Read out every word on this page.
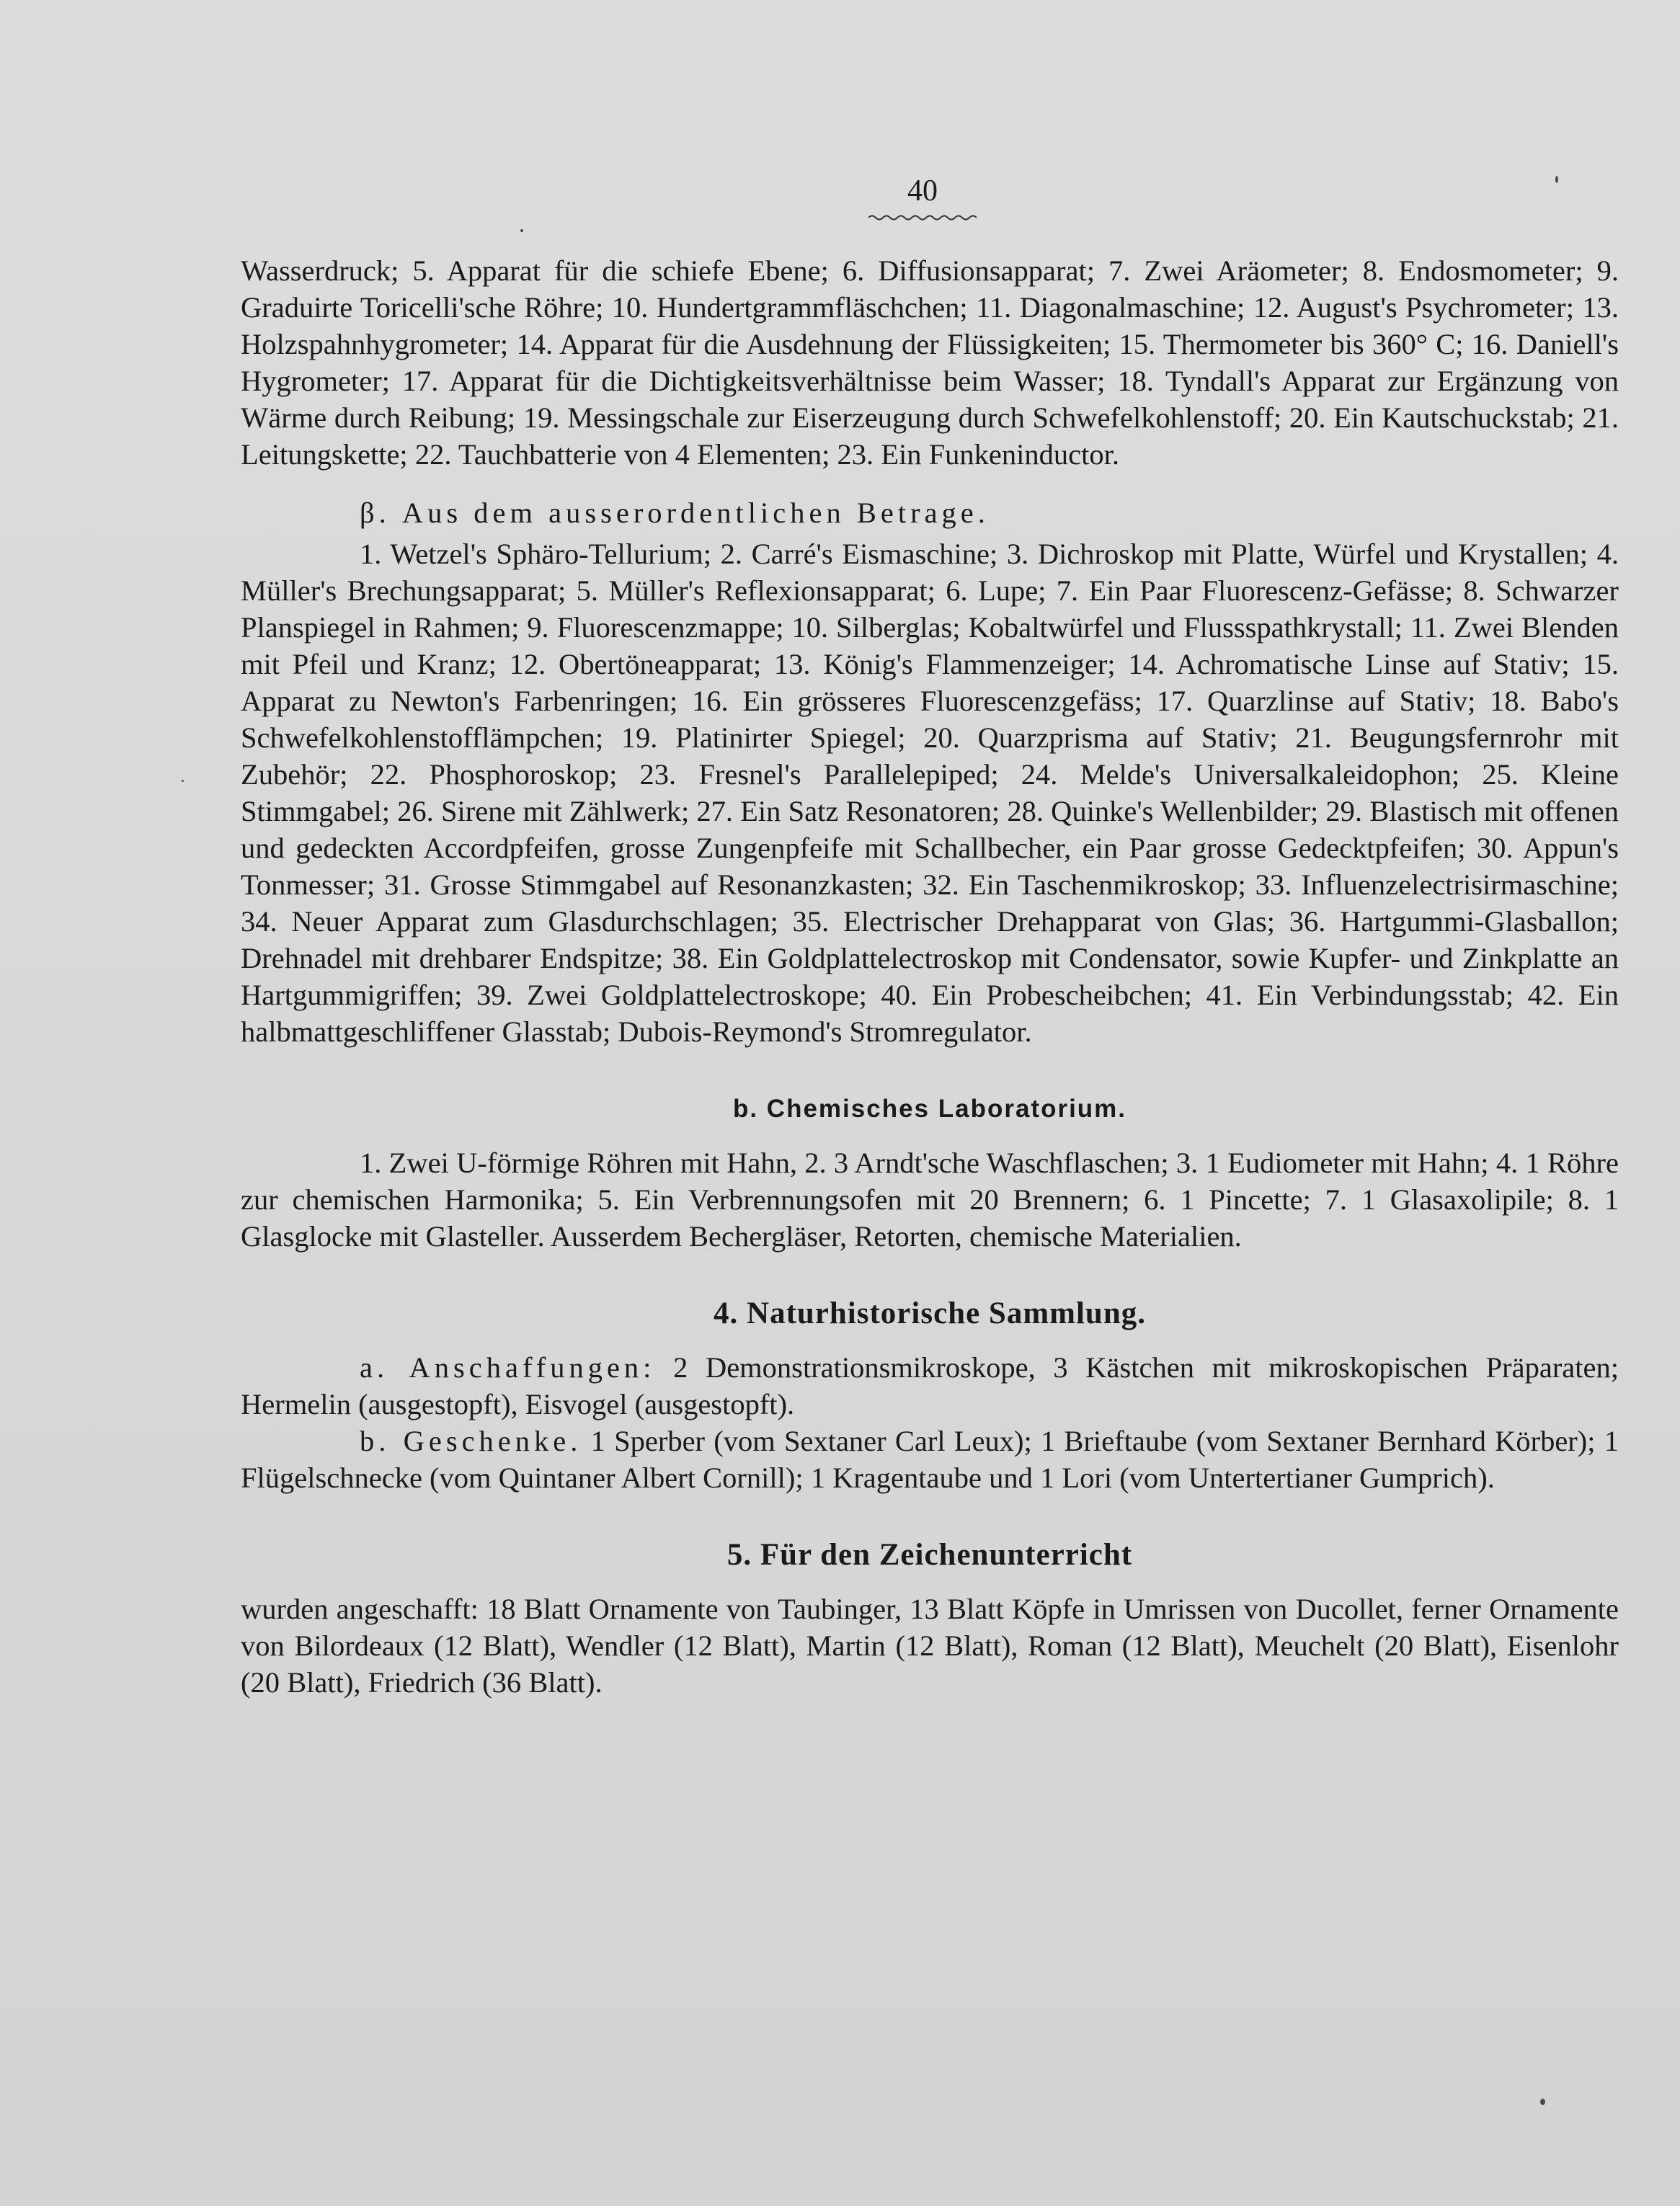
40

Wasserdruck; 5. Apparat für die schiefe Ebene; 6. Diffusionsapparat; 7. Zwei Aräometer; 8. Endosmometer; 9. Graduirte Toricelli'sche Röhre; 10. Hundertgrammfläschchen; 11. Diagonalmaschine; 12. August's Psychrometer; 13. Holzspahnhygrometer; 14. Apparat für die Ausdehnung der Flüssigkeiten; 15. Thermometer bis 360° C; 16. Daniell's Hygrometer; 17. Apparat für die Dichtigkeitsverhältnisse beim Wasser; 18. Tyndall's Apparat zur Ergänzung von Wärme durch Reibung; 19. Messingschale zur Eiserzeugung durch Schwefelkohlenstoff; 20. Ein Kautschuckstab; 21. Leitungskette; 22. Tauchbatterie von 4 Elementen; 23. Ein Funkeninductor.

β. Aus dem ausserordentlichen Betrage.

1. Wetzel's Sphäro-Tellurium; 2. Carré's Eismaschine; 3. Dichroskop mit Platte, Würfel und Krystallen; 4. Müller's Brechungsapparat; 5. Müller's Reflexionsapparat; 6. Lupe; 7. Ein Paar Fluorescenz-Gefässe; 8. Schwarzer Planspiegel in Rahmen; 9. Fluorescenzmappe; 10. Silberglas; Kobaltwürfel und Flussspathkrystall; 11. Zwei Blenden mit Pfeil und Kranz; 12. Obertöneapparat; 13. König's Flammenzeiger; 14. Achromatische Linse auf Stativ; 15. Apparat zu Newton's Farbenringen; 16. Ein grösseres Fluorescenzgefäss; 17. Quarzlinse auf Stativ; 18. Babo's Schwefelkohlenstofflämpchen; 19. Platinirter Spiegel; 20. Quarzprisma auf Stativ; 21. Beugungsfernrohr mit Zubehör; 22. Phosphoroskop; 23. Fresnel's Parallelepiped; 24. Melde's Universalkaleidophon; 25. Kleine Stimmgabel; 26. Sirene mit Zählwerk; 27. Ein Satz Resonatoren; 28. Quinke's Wellenbilder; 29. Blastisch mit offenen und gedeckten Accordpfeifen, grosse Zungenpfeife mit Schallbecher, ein Paar grosse Gedecktpfeifen; 30. Appun's Tonmesser; 31. Grosse Stimmgabel auf Resonanzkasten; 32. Ein Taschenmikroskop; 33. Influenzelectrisirmaschine; 34. Neuer Apparat zum Glasdurchschlagen; 35. Electrischer Drehapparat von Glas; 36. Hartgummi-Glasballon; Drehnadel mit drehbarer Endspitze; 38. Ein Goldplattelectroskop mit Condensator, sowie Kupfer- und Zinkplatte an Hartgummigriffen; 39. Zwei Goldplattelectroskope; 40. Ein Probescheibchen; 41. Ein Verbindungsstab; 42. Ein halbmattgeschliffener Glasstab; Dubois-Reymond's Stromregulator.

b. Chemisches Laboratorium.

1. Zwei U-förmige Röhren mit Hahn, 2. 3 Arndt'sche Waschflaschen; 3. 1 Eudiometer mit Hahn; 4. 1 Röhre zur chemischen Harmonika; 5. Ein Verbrennungsofen mit 20 Brennern; 6. 1 Pincette; 7. 1 Glasaxolipile; 8. 1 Glasglocke mit Glasteller. Ausserdem Bechergläser, Retorten, chemische Materialien.

4. Naturhistorische Sammlung.

a. Anschaffungen: 2 Demonstrationsmikroskope, 3 Kästchen mit mikroskopischen Präparaten; Hermelin (ausgestopft), Eisvogel (ausgestopft).

b. Geschenke. 1 Sperber (vom Sextaner Carl Leux); 1 Brieftaube (vom Sextaner Bernhard Körber); 1 Flügelschnecke (vom Quintaner Albert Cornill); 1 Kragentaube und 1 Lori (vom Untertertianer Gumprich).

5. Für den Zeichenunterricht

wurden angeschafft: 18 Blatt Ornamente von Taubinger, 13 Blatt Köpfe in Umrissen von Ducollet, ferner Ornamente von Bilordeaux (12 Blatt), Wendler (12 Blatt), Martin (12 Blatt), Roman (12 Blatt), Meuchelt (20 Blatt), Eisenlohr (20 Blatt), Friedrich (36 Blatt).
